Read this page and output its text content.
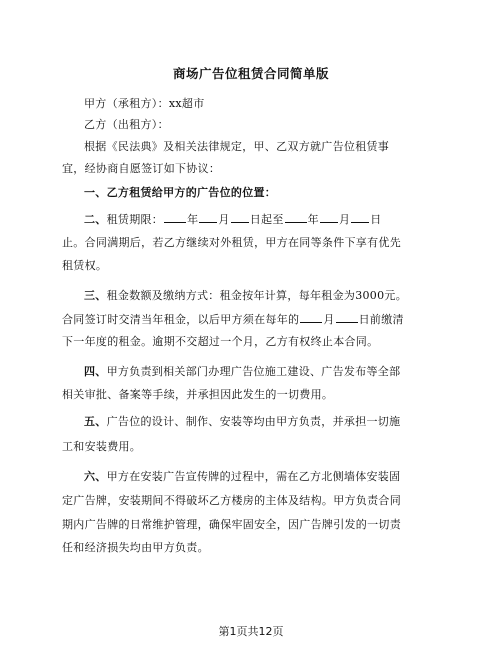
商场广告位租赁合同简单版
甲方（承租方）：xx超市
乙方（出租方）：
根据《民法典》及相关法律规定，甲、乙双方就广告位租赁事
宜，经协商自愿签订如下协议：
一、乙方租赁给甲方的广告位的位置：
二、租赁期限： 年 月 日起至 年 月 日
止。合同满期后，若乙方继续对外租赁，甲方在同等条件下享有优先
租赁权。
三、租金数额及缴纳方式：租金按年计算，每年租金为3000元。
合同签订时交清当年租金，以后甲方须在每年的 月 日前缴清
下一年度的租金。逾期不交超过一个月，乙方有权终止本合同。
四、甲方负责到相关部门办理广告位施工建设、广告发布等全部
相关审批、备案等手续，并承担因此发生的一切费用。
五、广告位的设计、制作、安装等均由甲方负责，并承担一切施
工和安装费用。
六、甲方在安装广告宣传牌的过程中，需在乙方北侧墙体安装固
定广告牌，安装期间不得破坏乙方楼房的主体及结构。甲方负责合同
期内广告牌的日常维护管理，确保牢固安全，因广告牌引发的一切责
任和经济损失均由甲方负责。
第1页共12页
